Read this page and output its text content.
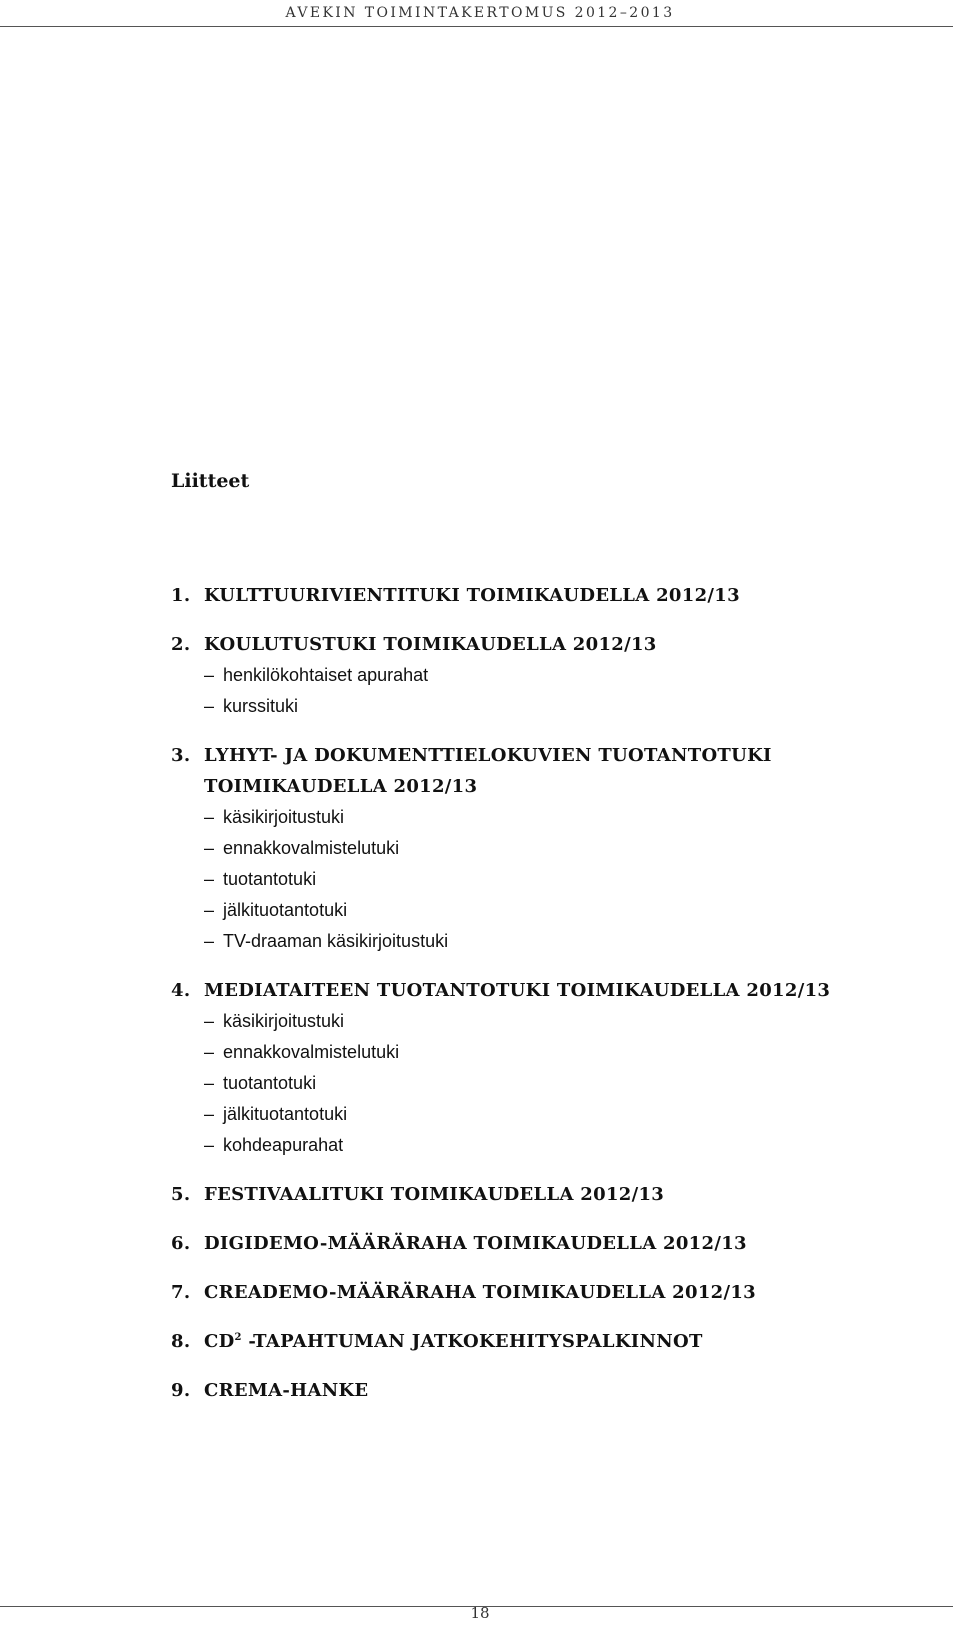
AVEKIN TOIMINTAKERTOMUS 2012–2013
Liitteet
1. KULTTUURIVIENTITUKI TOIMIKAUDELLA 2012/13
2. KOULUTUSTUKI TOIMIKAUDELLA 2012/13
– henkilökohtaiset apurahat
– kurssituki
3. LYHYT- JA DOKUMENTTIELOKUVIEN TUOTANTOTUKI TOIMIKAUDELLA 2012/13
– käsikirjoitustuki
– ennakkovalmistelutuki
– tuotantotuki
– jälkituotantotuki
– TV-draaman käsikirjoitustuki
4. MEDIATAITEEN TUOTANTOTUKI TOIMIKAUDELLA 2012/13
– käsikirjoitustuki
– ennakkovalmistelutuki
– tuotantotuki
– jälkituotantotuki
– kohdeapurahat
5. FESTIVAALITUKI TOIMIKAUDELLA 2012/13
6. DIGIDEMO-MÄÄRÄRAHA TOIMIKAUDELLA 2012/13
7. CREADEMO-MÄÄRÄRAHA TOIMIKAUDELLA 2012/13
8. $CD^2$ -TAPAHTUMAN JATKOKEHITYSPALKINNOT
9. CREMA-HANKE
18
